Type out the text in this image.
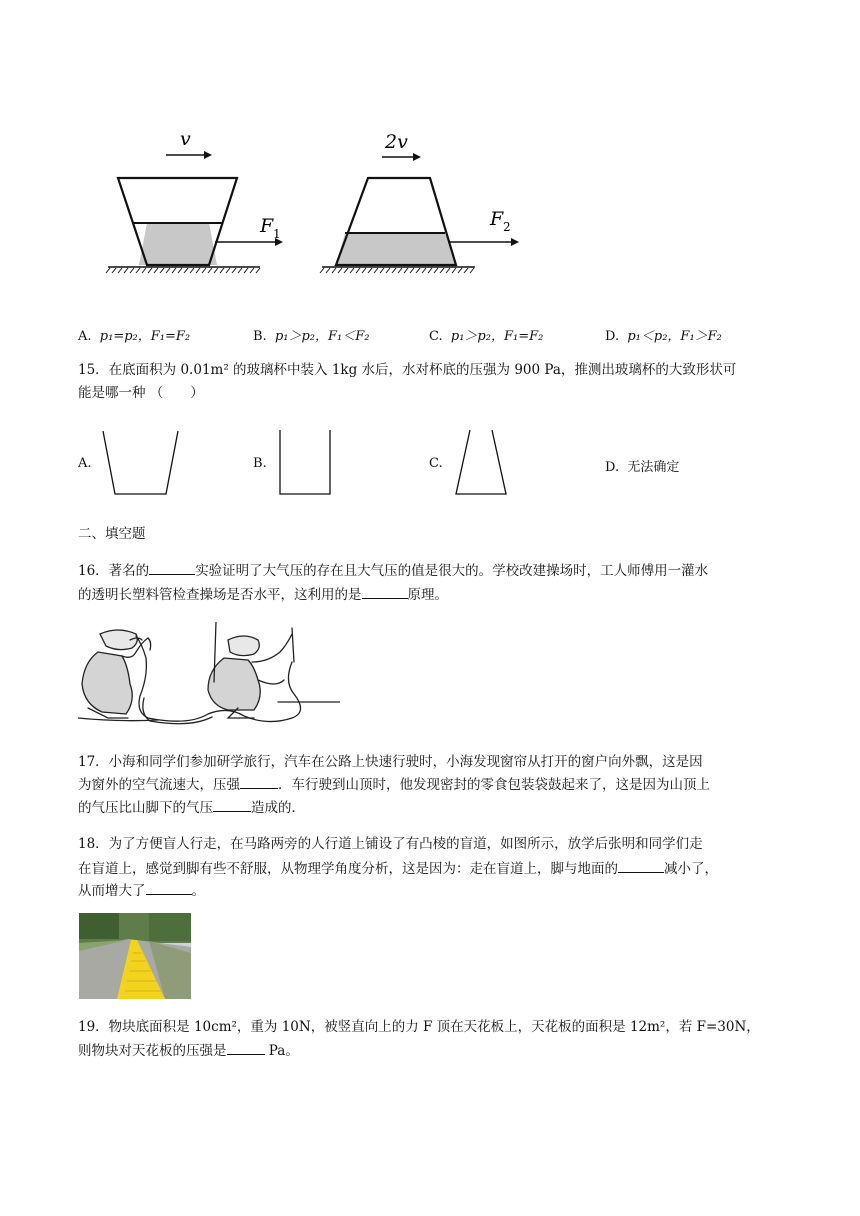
v
F 1
2v
F 2
A. p₁=p₂，F₁=F₂	B. p₁＞p₂，F₁＜F₂	C. p₁＞p₂，F₁=F₂	D. p₁＜p₂，F₁＞F₂
15．在底面积为 0.01m² 的玻璃杯中装入 1kg 水后，水对杯底的压强为 900 Pa，推测出玻璃杯的大致形状可
能是哪一种 （　　）
A.	B.	C.	D. 无法确定
二、填空题
16．著名的	实验证明了大气压的存在且大气压的值是很大的。学校改建操场时，工人师傅用一灌水
的透明长塑料管检查操场是否水平，这利用的是	原理。
17．小海和同学们参加研学旅行，汽车在公路上快速行驶时，小海发现窗帘从打开的窗户向外飘，这是因
为窗外的空气流速大，压强	．车行驶到山顶时，他发现密封的零食包装袋鼓起来了，这是因为山顶上
的气压比山脚下的气压	造成的．
18．为了方便盲人行走，在马路两旁的人行道上铺设了有凸棱的盲道，如图所示，放学后张明和同学们走
在盲道上，感觉到脚有些不舒服，从物理学角度分析，这是因为：走在盲道上，脚与地面的	减小了，
从而增大了	。
19．物块底面积是 10cm²，重为 10N，被竖直向上的力 F 顶在天花板上，天花板的面积是 12m²，若 F=30N，
则物块对天花板的压强是	Pa。
